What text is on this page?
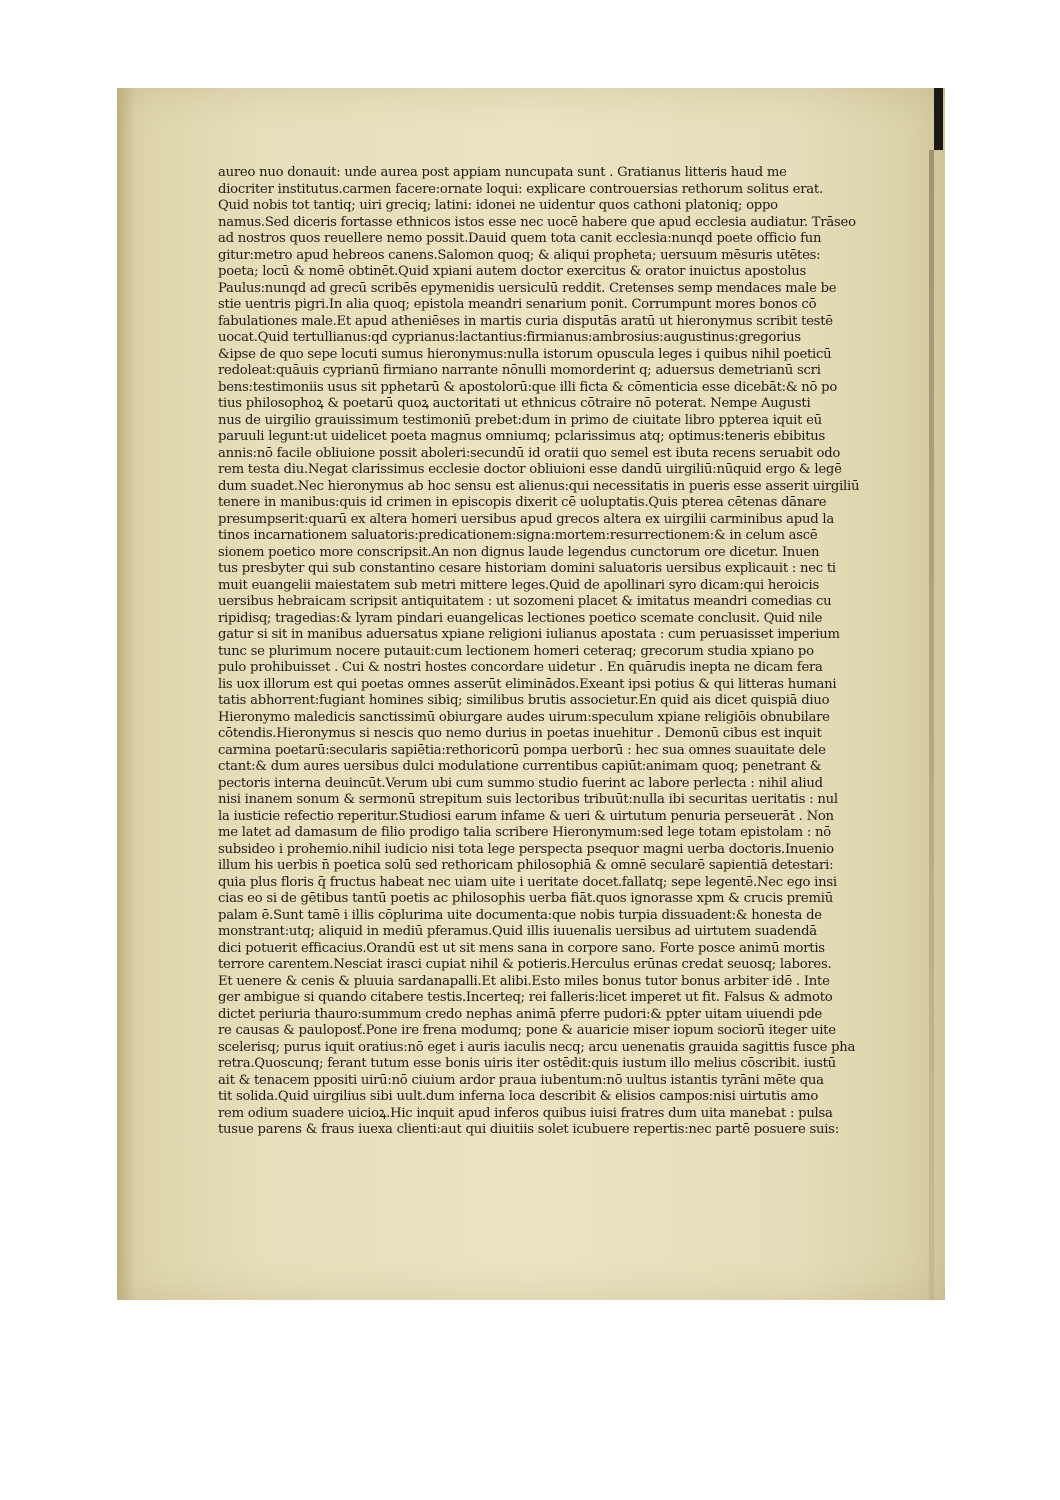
aureo nuo donauit: unde aurea post appiam nuncupata sunt . Gratianus litteris haud me
diocriter institutus.carmen facere:ornate loqui: explicare controuersias rethorum solitus erat.
Quid nobis tot tantiq; uiri greciq; latini: idonei ne uidentur quos cathoni platoniq; oppo
namus.Sed diceris fortasse ethnicos istos esse nec uocē habere que apud ecclesia audiatur. Trāseo
ad nostros quos reuellere nemo possit.Dauid quem tota canit ecclesia:nunqd poete officio fun
gitur:metro apud hebreos canens.Salomon quoq; & aliqui propheta; uersuum mēsuris utētes:
poeta; locū & nomē obtinēt.Quid xpiani autem doctor exercitus & orator inuictus apostolus
Paulus:nunqd ad grecū scribēs epymenidis uersiculū reddit. Cretenses semp mendaces male be
stie uentris pigri.In alia quoq; epistola meandri senarium ponit. Corrumpunt mores bonos cō
fabulationes male.Et apud atheniēses in martis curia disputās aratū ut hieronymus scribit testē
uocat.Quid tertullianus:qd cyprianus:lactantius:firmianus:ambrosius:augustinus:gregorius
&ipse de quo sepe locuti sumus hieronymus:nulla istorum opuscula leges i quibus nihil poeticū
redoleat:quāuis cyprianū firmiano narrante nōnulli momorderint q; aduersus demetrianū scri
bens:testimoniis usus sit pphetarū & apostolorū:que illi ficta & cōmenticia esse dicebāt:& nō po
tius philosophoꝝ & poetarū quoꝝ auctoritati ut ethnicus cōtraire nō poterat. Nempe Augusti
nus de uirgilio grauissimum testimoniū prebet:dum in primo de ciuitate libro ppterea iquit eū
paruuli legunt:ut uidelicet poeta magnus omniumq; pclarissimus atq; optimus:teneris ebibitus
annis:nō facile obliuione possit aboleri:secundū id oratii quo semel est ibuta recens seruabit odo
rem testa diu.Negat clarissimus ecclesie doctor obliuioni esse dandū uirgiliū:nūquid ergo & legē
dum suadet.Nec hieronymus ab hoc sensu est alienus:qui necessitatis in pueris esse asserit uirgiliū
tenere in manibus:quis id crimen in episcopis dixerit cē uoluptatis.Quis pterea cētenas dānare
presumpserit:quarū ex altera homeri uersibus apud grecos altera ex uirgilii carminibus apud la
tinos incarnationem saluatoris:predicationem:signa:mortem:resurrectionem:& in celum ascē
sionem poetico more conscripsit.An non dignus laude legendus cunctorum ore dicetur. Inuen
tus presbyter qui sub constantino cesare historiam domini saluatoris uersibus explicauit : nec ti
muit euangelii maiestatem sub metri mittere leges.Quid de apollinari syro dicam:qui heroicis
uersibus hebraicam scripsit antiquitatem : ut sozomeni placet & imitatus meandri comedias cu
ripidisq; tragedias:& lyram pindari euangelicas lectiones poetico scemate conclusit. Quid nile
gatur si sit in manibus aduersatus xpiane religioni iulianus apostata : cum peruasisset imperium
tunc se plurimum nocere putauit:cum lectionem homeri ceteraq; grecorum studia xpiano po
pulo prohibuisset . Cui & nostri hostes concordare uidetur . En quārudis inepta ne dicam fera
lis uox illorum est qui poetas omnes asserūt eliminādos.Exeant ipsi potius & qui litteras humani
tatis abhorrent:fugiant homines sibiq; similibus brutis associetur.En quid ais dicet quispiā diuo
Hieronymo maledicis sanctissimū obiurgare audes uirum:speculum xpiane religiōis obnubilare
cōtendis.Hieronymus si nescis quo nemo durius in poetas inuehitur . Demonū cibus est inquit
carmina poetarū:secularis sapiētia:rethoricorū pompa uerborū : hec sua omnes suauitate dele
ctant:& dum aures uersibus dulci modulatione currentibus capiūt:animam quoq; penetrant &
pectoris interna deuincūt.Verum ubi cum summo studio fuerint ac labore perlecta : nihil aliud
nisi inanem sonum & sermonū strepitum suis lectoribus tribuūt:nulla ibi securitas ueritatis : nul
la iusticie refectio reperitur.Studiosi earum infame & ueri & uirtutum penuria perseuerāt . Non
me latet ad damasum de filio prodigo talia scribere Hieronymum:sed lege totam epistolam : nō
subsideo i prohemio.nihil iudicio nisi tota lege perspecta psequor magni uerba doctoris.Inuenio
illum his uerbis n̄ poetica solū sed rethoricam philosophiā & omnē secularē sapientiā detestari:
quia plus floris q̄ fructus habeat nec uiam uite i ueritate docet.fallatq; sepe legentē.Nec ego insi
cias eo si de gētibus tantū poetis ac philosophis uerba fiāt.quos ignorasse xpm & crucis premiū
palam ē.Sunt tamē i illis cōplurima uite documenta:que nobis turpia dissuadent:& honesta de
monstrant:utq; aliquid in mediū pferamus.Quid illis iuuenalis uersibus ad uirtutem suadendā
dici potuerit efficacius.Orandū est ut sit mens sana in corpore sano. Forte posce animū mortis
terrore carentem.Nesciat irasci cupiat nihil & potieris.Herculus erūnas credat seuosq; labores.
Et uenere & cenis & pluuia sardanapalli.Et alibi.Esto miles bonus tutor bonus arbiter idē . Inte
ger ambigue si quando citabere testis.Incerteq; rei falleris:licet imperet ut fit. Falsus & admoto
dictet periuria thauro:summum credo nephas animā pferre pudori:& ppter uitam uiuendi pde
re causas & pauloposť.Pone ire frena modumq; pone & auaricie miser iopum sociorū iteger uite
scelerisq; purus iquit oratius:nō eget i auris iaculis necq; arcu uenenatis grauida sagittis fusce pha
retra.Quoscunq; ferant tutum esse bonis uiris iter ostēdit:quis iustum illo melius cōscribit. iustū
ait & tenacem ppositi uirū:nō ciuium ardor praua iubentum:nō uultus istantis tyrāni mēte qua
tit solida.Quid uirgilius sibi uult.dum inferna loca describit & elisios campos:nisi uirtutis amo
rem odium suadere uicioꝝ.Hic inquit apud inferos quibus iuisi fratres dum uita manebat : pulsa
tusue parens & fraus iuexa clienti:aut qui diuitiis solet icubuere repertis:nec partē posuere suis:
